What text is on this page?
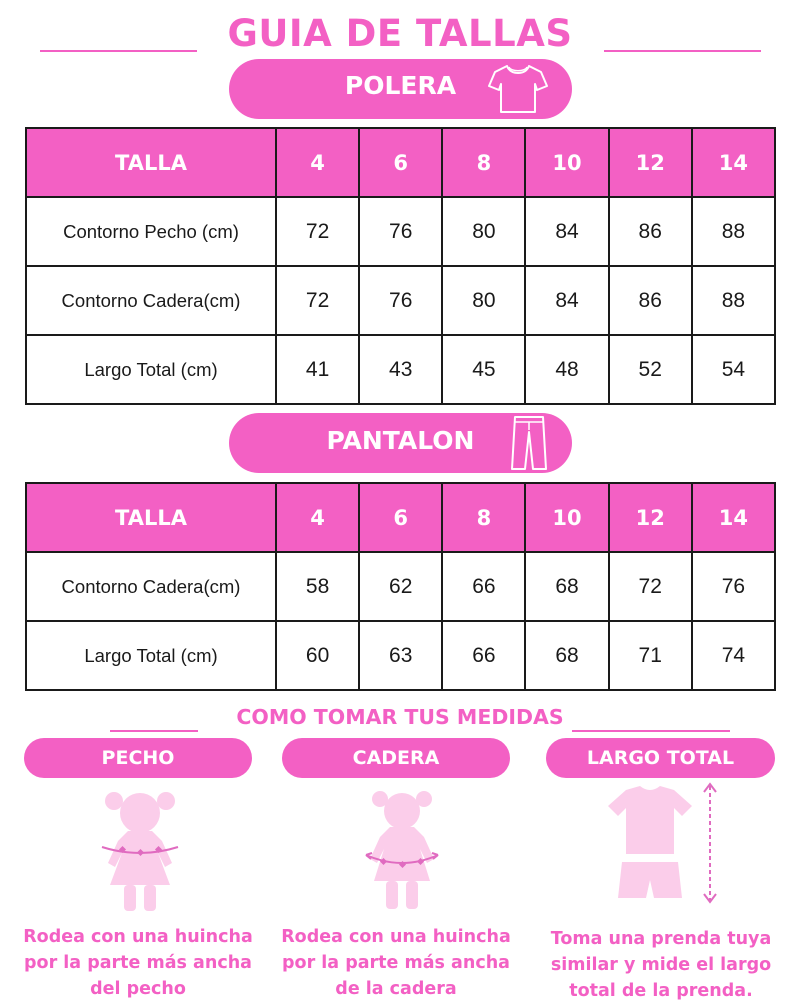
GUIA DE TALLAS
POLERA
TALLA	4	6	8	10	12	14
Contorno Pecho (cm)	72	76	80	84	86	88
Contorno Cadera(cm)	72	76	80	84	86	88
Largo Total (cm)	41	43	45	48	52	54
PANTALON
TALLA	4	6	8	10	12	14
Contorno Cadera(cm)	58	62	66	68	72	76
Largo Total (cm)	60	63	66	68	71	74
COMO TOMAR TUS MEDIDAS
PECHO	CADERA	LARGO TOTAL
Rodea con una huincha
por la parte más ancha
del pecho
Rodea con una huincha
por la parte más ancha
de la cadera
Toma una prenda tuya
similar y mide el largo
total de la prenda.
